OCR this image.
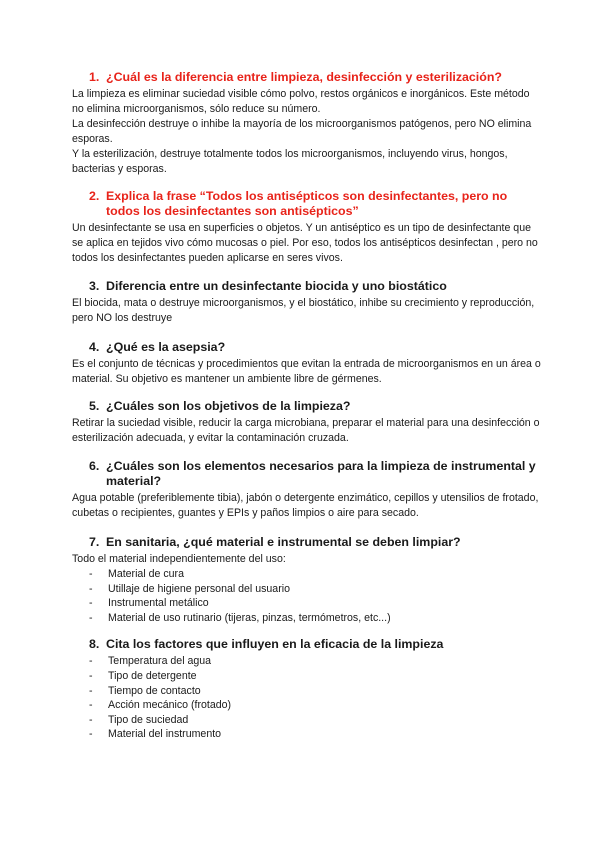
1. ¿Cuál es la diferencia entre limpieza, desinfección y esterilización?

La limpieza es eliminar suciedad visible cómo polvo, restos orgánicos e inorgánicos. Este método no elimina microorganismos, sólo reduce su número.

La desinfección destruye o inhibe la mayoría de los microorganismos patógenos, pero NO elimina esporas.

Y la esterilización, destruye totalmente todos los microorganismos, incluyendo virus, hongos, bacterias y esporas.

2. Explica la frase “Todos los antisépticos son desinfectantes, pero no todos los desinfectantes son antisépticos”

Un desinfectante se usa en superficies o objetos. Y un antiséptico es un tipo de desinfectante que se aplica en tejidos vivo cómo mucosas o piel. Por eso, todos los antisépticos desinfectan , pero no todos los desinfectantes pueden aplicarse en seres vivos.

3. Diferencia entre un desinfectante biocida y uno biostático

El biocida, mata o destruye microorganismos, y el biostático, inhibe su crecimiento y reproducción, pero NO los destruye

4. ¿Qué es la asepsia?

Es el conjunto de técnicas y procedimientos que evitan la entrada de microorganismos en un área o material. Su objetivo es mantener un ambiente libre de gérmenes.

5. ¿Cuáles son los objetivos de la limpieza?

Retirar la suciedad visible, reducir la carga microbiana, preparar el material para una desinfección o esterilización adecuada, y evitar la contaminación cruzada.

6. ¿Cuáles son los elementos necesarios para la limpieza de instrumental y material?

Agua potable (preferiblemente tibia), jabón o detergente enzimático, cepillos y utensilios de frotado, cubetas o recipientes, guantes y EPIs y paños limpios o aire para secado.

7. En sanitaria, ¿qué material e instrumental se deben limpiar?

Todo el material independientemente del uso:

- Material de cura
- Utillaje de higiene personal del usuario
- Instrumental metálico
- Material de uso rutinario (tijeras, pinzas, termómetros, etc...)
8. Cita los factores que influyen en la eficacia de la limpieza
- Temperatura del agua
- Tipo de detergente
- Tiempo de contacto
- Acción mecánico (frotado)
- Tipo de suciedad
- Material del instrumento
